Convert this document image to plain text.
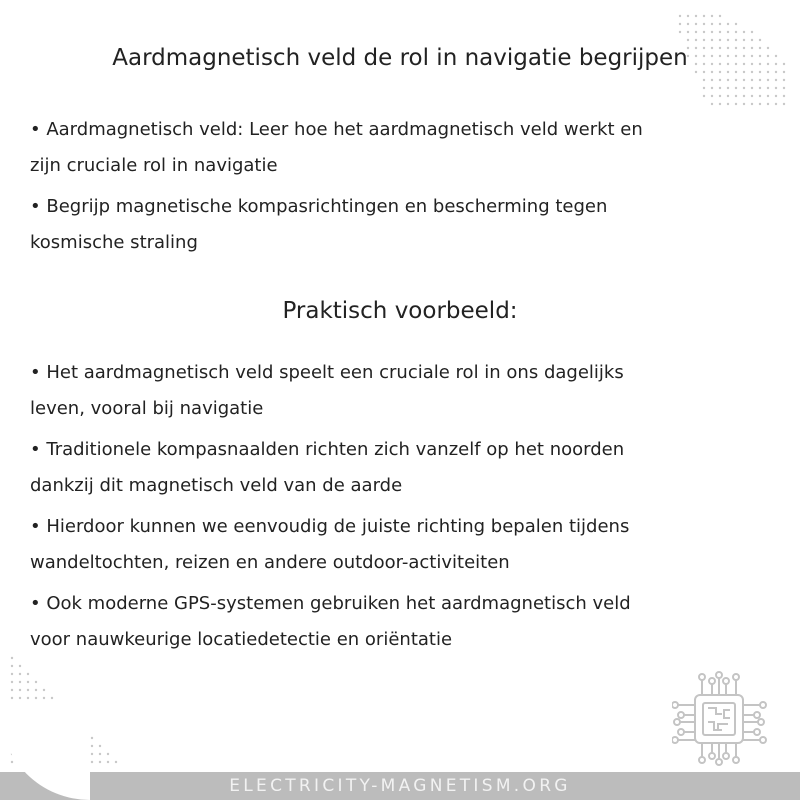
ELECTRICITY-MAGNETISM.ORG
Aardmagnetisch veld de rol in navigatie begrijpen
• Aardmagnetisch veld: Leer hoe het aardmagnetisch veld werkt en
zijn cruciale rol in navigatie
• Begrijp magnetische kompasrichtingen en bescherming tegen
kosmische straling
Praktisch voorbeeld:
• Het aardmagnetisch veld speelt een cruciale rol in ons dagelijks
leven, vooral bij navigatie
• Traditionele kompasnaalden richten zich vanzelf op het noorden
dankzij dit magnetisch veld van de aarde
• Hierdoor kunnen we eenvoudig de juiste richting bepalen tijdens
wandeltochten, reizen en andere outdoor-activiteiten
• Ook moderne GPS-systemen gebruiken het aardmagnetisch veld
voor nauwkeurige locatiedetectie en oriëntatie
